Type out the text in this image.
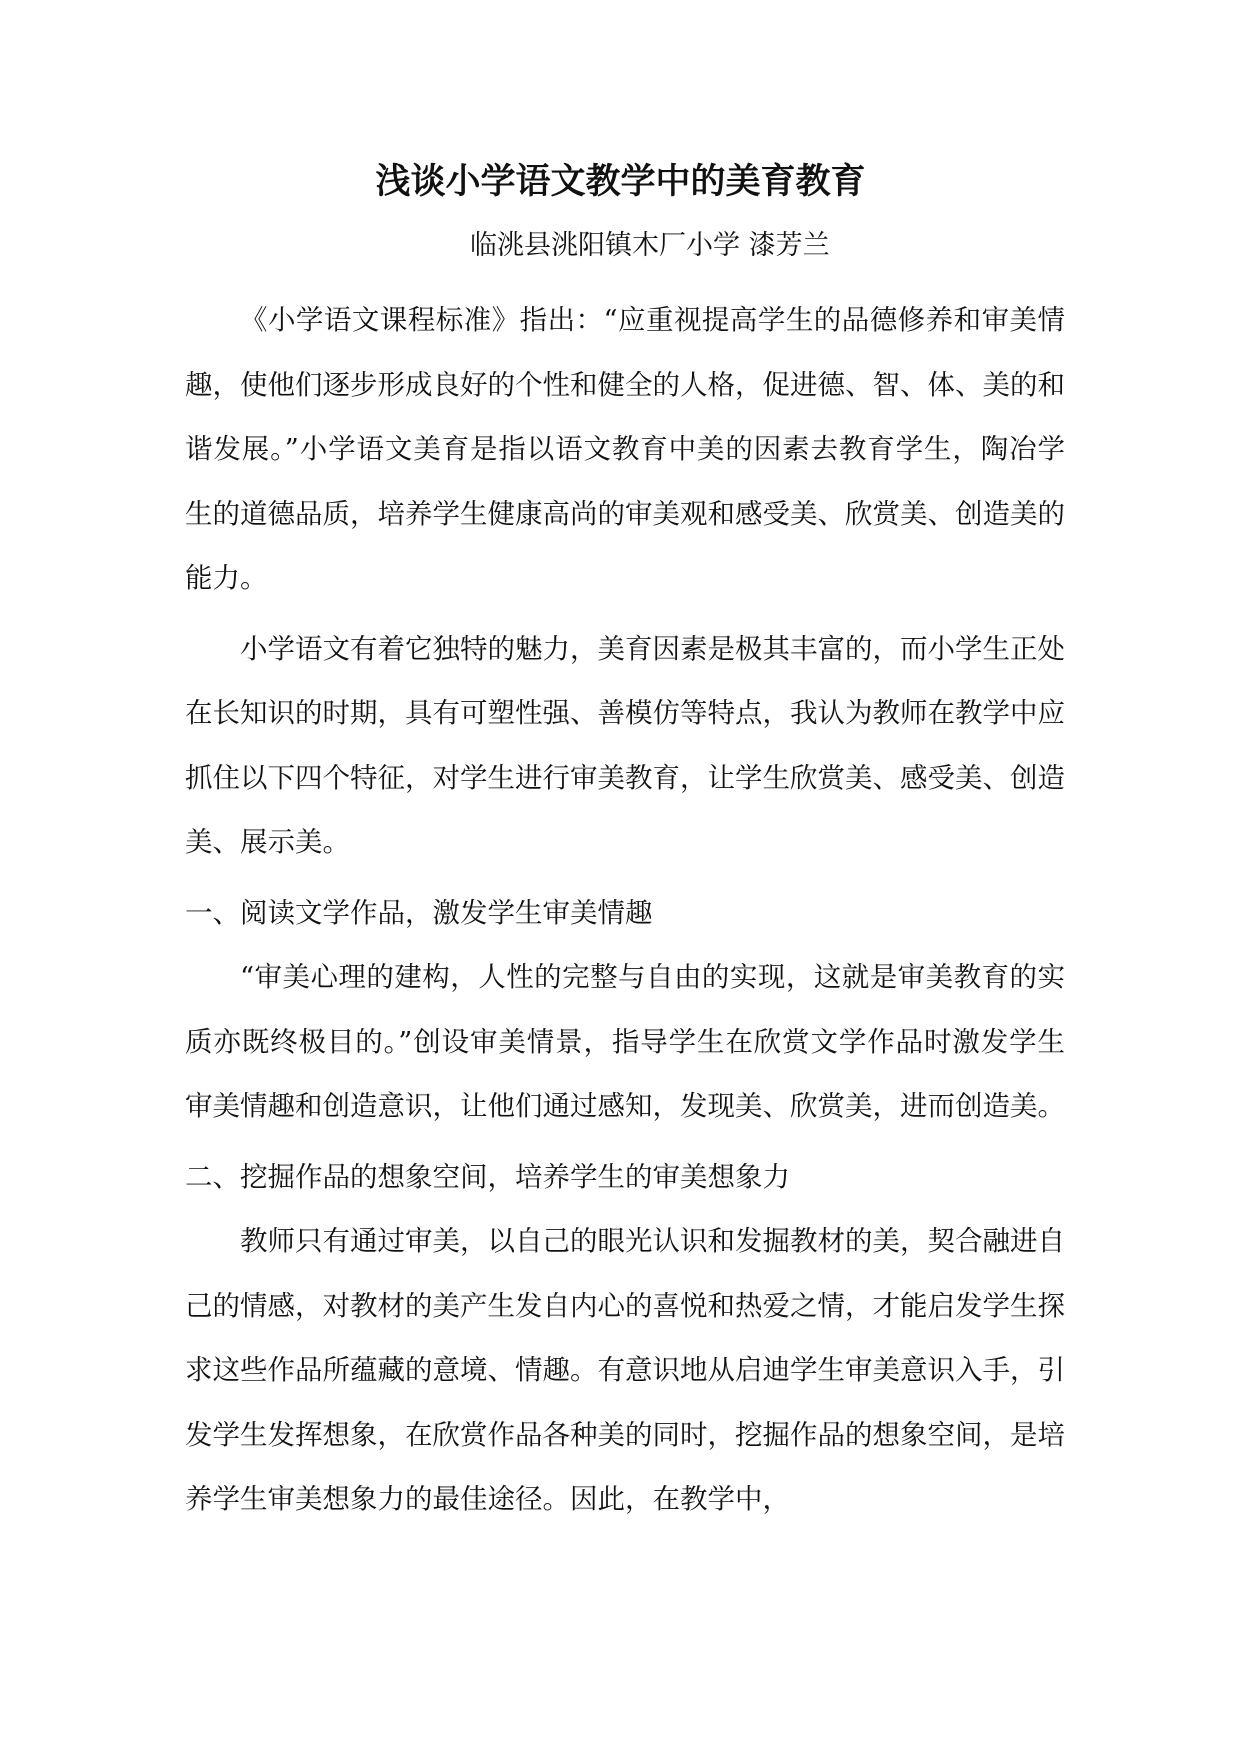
浅谈小学语文教学中的美育教育
临洮县洮阳镇木厂小学 漆芳兰

《小学语文课程标准》指出：“应重视提高学生的品德修养和审美情趣，使他们逐步形成良好的个性和健全的人格，促进德、智、体、美的和谐发展。”小学语文美育是指以语文教育中美的因素去教育学生，陶冶学生的道德品质，培养学生健康高尚的审美观和感受美、欣赏美、创造美的能力。

小学语文有着它独特的魅力，美育因素是极其丰富的，而小学生正处在长知识的时期，具有可塑性强、善模仿等特点，我认为教师在教学中应抓住以下四个特征，对学生进行审美教育，让学生欣赏美、感受美、创造美、展示美。

一、阅读文学作品，激发学生审美情趣

“审美心理的建构，人性的完整与自由的实现，这就是审美教育的实质亦既终极目的。”创设审美情景，指导学生在欣赏文学作品时激发学生审美情趣和创造意识，让他们通过感知，发现美、欣赏美，进而创造美。

二、挖掘作品的想象空间，培养学生的审美想象力

教师只有通过审美，以自己的眼光认识和发掘教材的美，契合融进自己的情感，对教材的美产生发自内心的喜悦和热爱之情，才能启发学生探求这些作品所蕴藏的意境、情趣。有意识地从启迪学生审美意识入手，引发学生发挥想象，在欣赏作品各种美的同时，挖掘作品的想象空间，是培养学生审美想象力的最佳途径。因此，在教学中，
